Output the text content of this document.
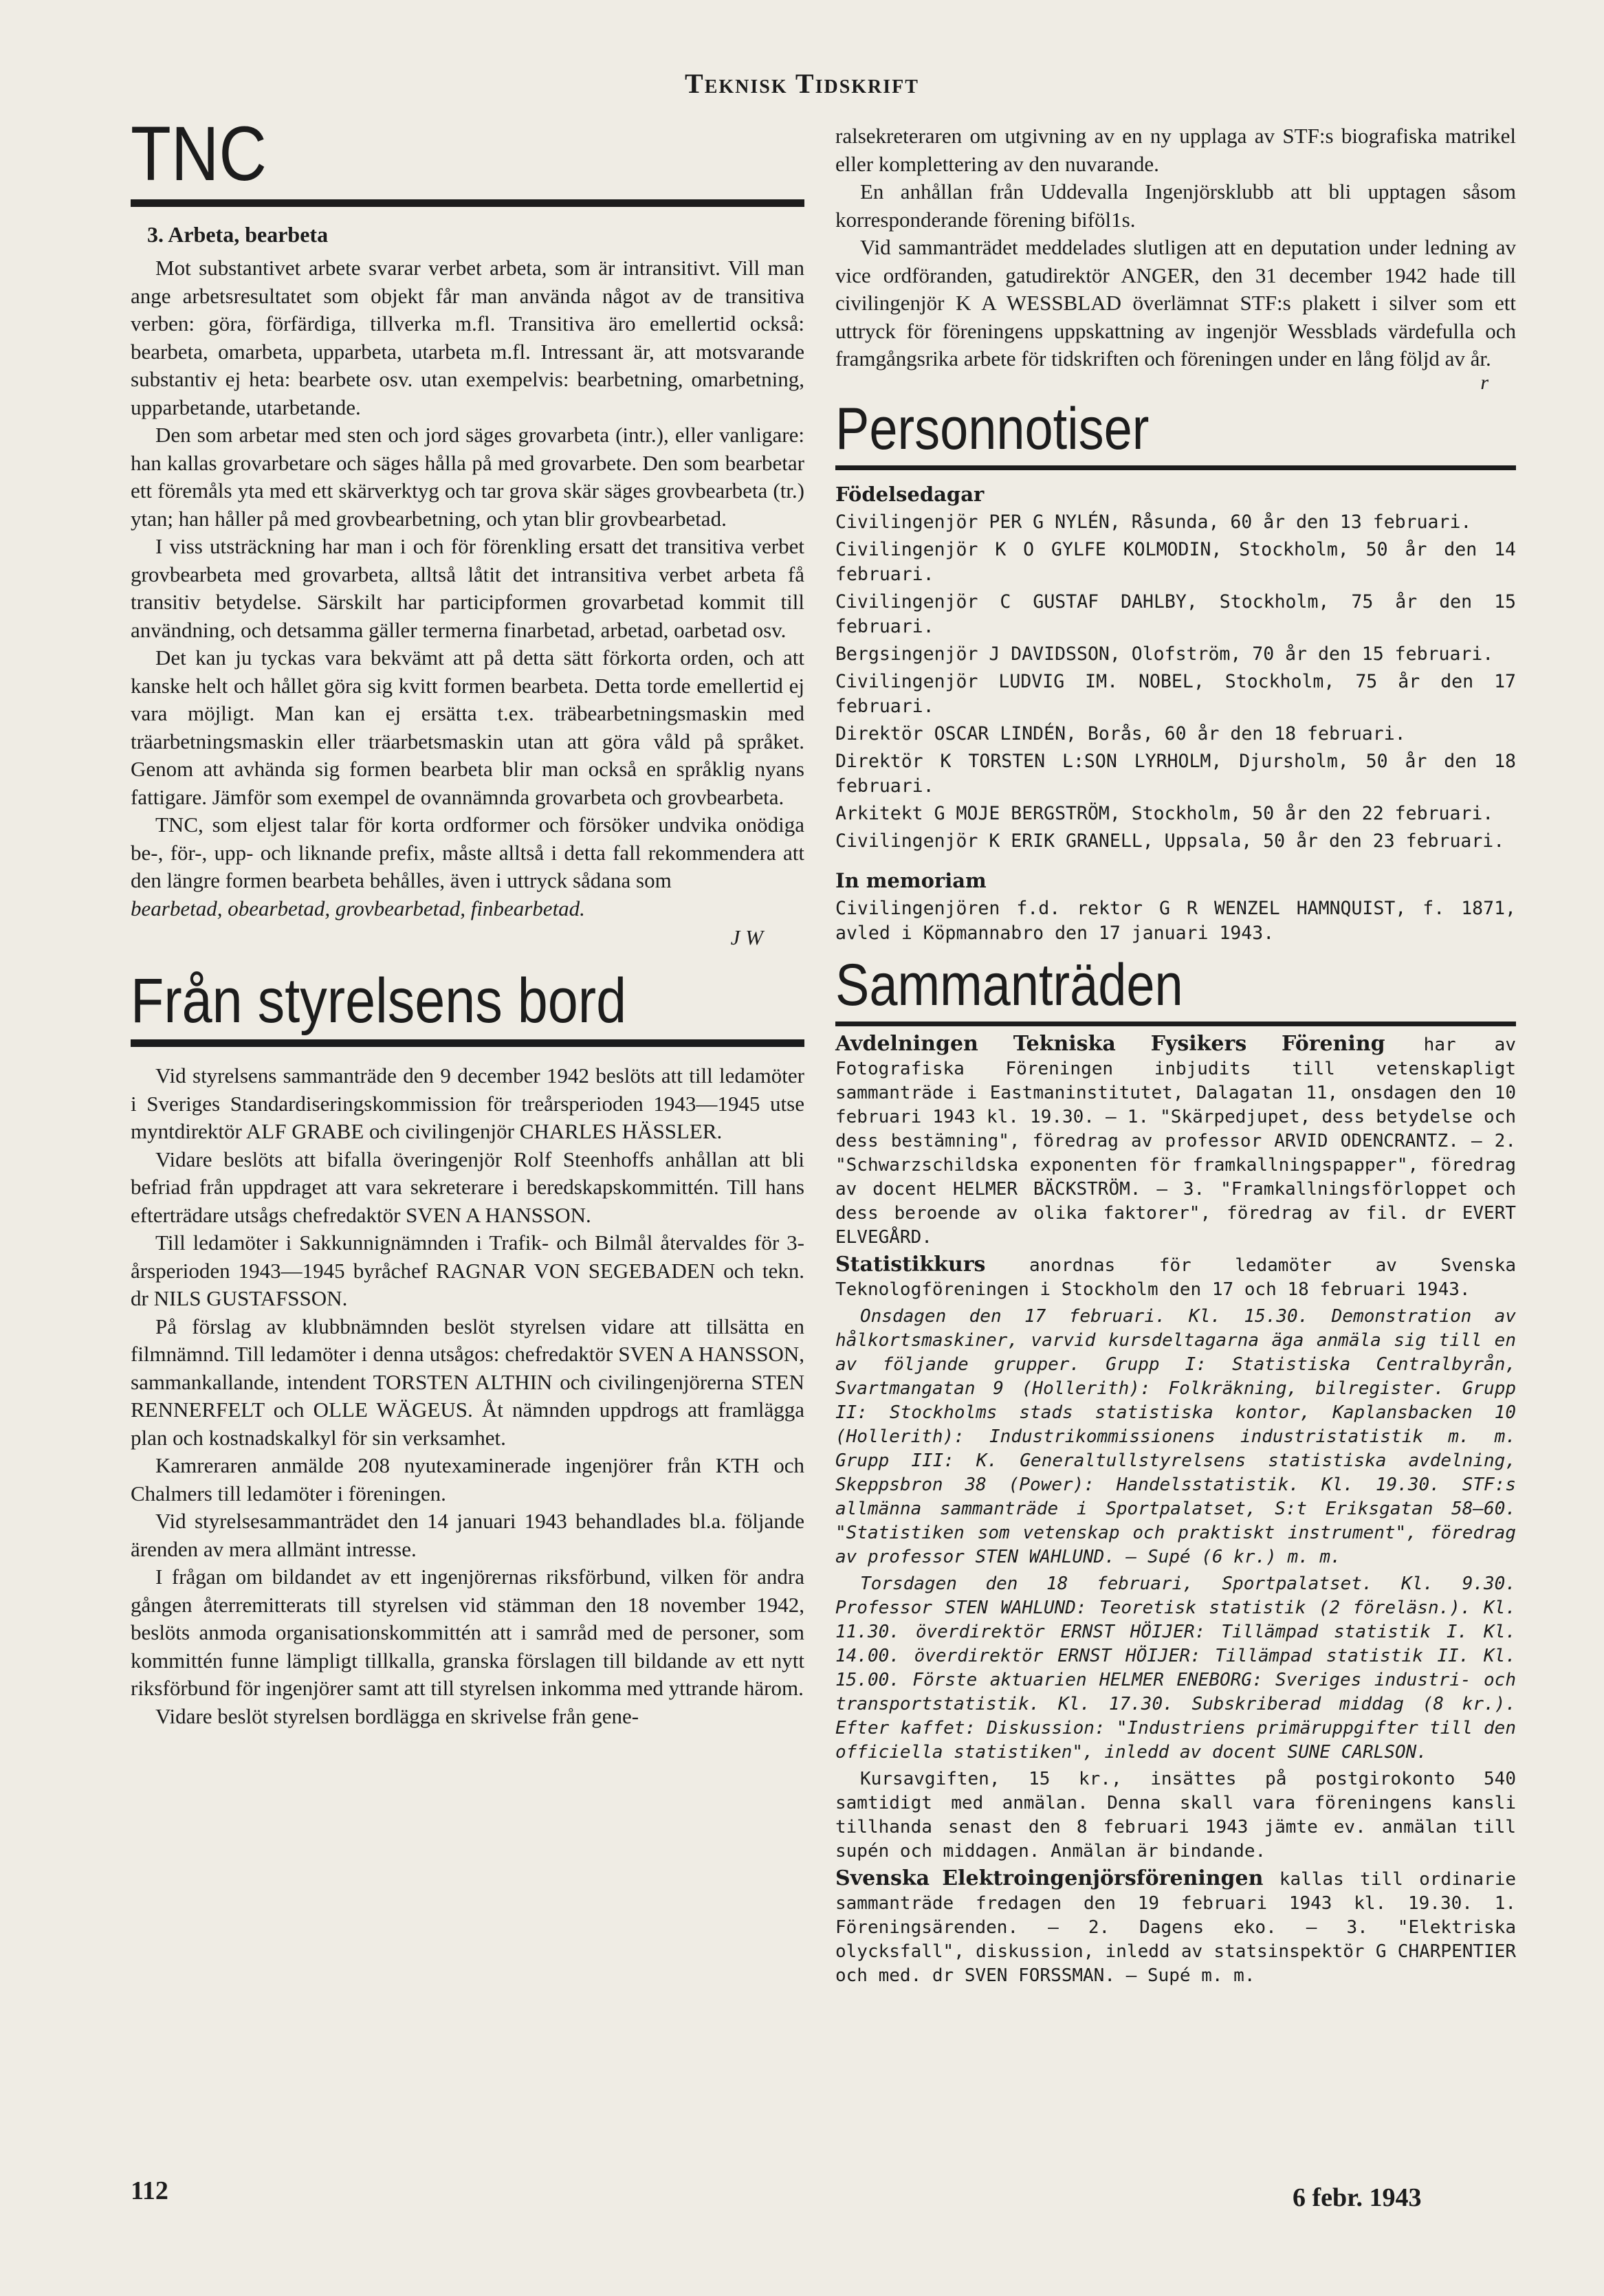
Teknisk Tidskrift
TNC
3. Arbeta, bearbeta

Mot substantivet arbete svarar verbet arbeta, som är intransitivt. Vill man ange arbetsresultatet som objekt får man använda något av de transitiva verben: göra, förfärdiga, tillverka m.fl. Transitiva äro emellertid också: bearbeta, omarbeta, upparbeta, utarbeta m.fl. Intressant är, att motsvarande substantiv ej heta: bearbete osv. utan exempelvis: bearbetning, omarbetning, upparbetande, utarbetande.

Den som arbetar med sten och jord säges grovarbeta (intr.), eller vanligare: han kallas grovarbetare och säges hålla på med grovarbete. Den som bearbetar ett föremåls yta med ett skärverktyg och tar grova skär säges grovbearbeta (tr.) ytan; han håller på med grovbearbetning, och ytan blir grovbearbetad.

I viss utsträckning har man i och för förenkling ersatt det transitiva verbet grovbearbeta med grovarbeta, alltså låtit det intransitiva verbet arbeta få transitiv betydelse. Särskilt har participformen grovarbetad kommit till användning, och detsamma gäller termerna finarbetad, arbetad, oarbetad osv.

Det kan ju tyckas vara bekvämt att på detta sätt förkorta orden, och att kanske helt och hållet göra sig kvitt formen bearbeta. Detta torde emellertid ej vara möjligt. Man kan ej ersätta t.ex. träbearbetningsmaskin med träarbetningsmaskin eller träarbetsmaskin utan att göra våld på språket. Genom att avhända sig formen bearbeta blir man också en språklig nyans fattigare. Jämför som exempel de ovannämnda grovarbeta och grovbearbeta.

TNC, som eljest talar för korta ordformer och försöker undvika onödiga be-, för-, upp- och liknande prefix, måste alltså i detta fall rekommendera att den längre formen bearbeta behålles, även i uttryck sådana som

bearbetad, obearbetad, grovbearbetad, finbearbetad.

J W
Från styrelsens bord

Vid styrelsens sammanträde den 9 december 1942 beslöts att till ledamöter i Sveriges Standardiseringskommission för treårsperioden 1943—1945 utse myntdirektör ALF GRABE och civilingenjör CHARLES HÄSSLER.

Vidare beslöts att bifalla överingenjör Rolf Steenhoffs anhållan att bli befriad från uppdraget att vara sekreterare i beredskapskommittén. Till hans efterträdare utsågs chefredaktör SVEN A HANSSON.

Till ledamöter i Sakkunnignämnden i Trafik- och Bilmål återvaldes för 3-årsperioden 1943—1945 byråchef RAGNAR VON SEGEBADEN och tekn. dr NILS GUSTAFSSON.

På förslag av klubbnämnden beslöt styrelsen vidare att tillsätta en filmnämnd. Till ledamöter i denna utsågos: chefredaktör SVEN A HANSSON, sammankallande, intendent TORSTEN ALTHIN och civilingenjörerna STEN RENNERFELT och OLLE WÄGEUS. Åt nämnden uppdrogs att framlägga plan och kostnadskalkyl för sin verksamhet.

Kamreraren anmälde 208 nyutexaminerade ingenjörer från KTH och Chalmers till ledamöter i föreningen.

Vid styrelsesammanträdet den 14 januari 1943 behandlades bl.a. följande ärenden av mera allmänt intresse.

I frågan om bildandet av ett ingenjörernas riksförbund, vilken för andra gången återremitterats till styrelsen vid stämman den 18 november 1942, beslöts anmoda organisationskommittén att i samråd med de personer, som kommittén funne lämpligt tillkalla, granska förslagen till bildande av ett nytt riksförbund för ingenjörer samt att till styrelsen inkomma med yttrande härom.

Vidare beslöt styrelsen bordlägga en skrivelse från gene-

ralsekreteraren om utgivning av en ny upplaga av STF:s biografiska matrikel eller komplettering av den nuvarande.

En anhållan från Uddevalla Ingenjörsklubb att bli upptagen såsom korresponderande förening biföl1s.

Vid sammanträdet meddelades slutligen att en deputation under ledning av vice ordföranden, gatudirektör ANGER, den 31 december 1942 hade till civilingenjör K A WESSBLAD överlämnat STF:s plakett i silver som ett uttryck för föreningens uppskattning av ingenjör Wessblads värdefulla och framgångsrika arbete för tidskriften och föreningen under en lång följd av år.

r
Personnotiser
Födelsedagar

Civilingenjör PER G NYLÉN, Råsunda, 60 år den 13 februari.

Civilingenjör K O GYLFE KOLMODIN, Stockholm, 50 år den 14 februari.

Civilingenjör C GUSTAF DAHLBY, Stockholm, 75 år den 15 februari.

Bergsingenjör J DAVIDSSON, Olofström, 70 år den 15 februari.

Civilingenjör LUDVIG IM. NOBEL, Stockholm, 75 år den 17 februari.

Direktör OSCAR LINDÉN, Borås, 60 år den 18 februari.

Direktör K TORSTEN L:SON LYRHOLM, Djursholm, 50 år den 18 februari.

Arkitekt G MOJE BERGSTRÖM, Stockholm, 50 år den 22 februari.

Civilingenjör K ERIK GRANELL, Uppsala, 50 år den 23 februari.

In memoriam

Civilingenjören f.d. rektor G R WENZEL HAMNQUIST, f. 1871, avled i Köpmannabro den 17 januari 1943.

Sammanträden

Avdelningen Tekniska Fysikers Förening har av Fotografiska Föreningen inbjudits till vetenskapligt sammanträde i Eastmaninstitutet, Dalagatan 11, onsdagen den 10 februari 1943 kl. 19.30. — 1. "Skärpedjupet, dess betydelse och dess bestämning", föredrag av professor ARVID ODENCRANTZ. — 2. "Schwarzschildska exponenten för framkallningspapper", föredrag av docent HELMER BÄCKSTRÖM. — 3. "Framkallningsförloppet och dess beroende av olika faktorer", föredrag av fil. dr EVERT ELVEGÅRD.

Statistikkurs anordnas för ledamöter av Svenska Teknologföreningen i Stockholm den 17 och 18 februari 1943.

Onsdagen den 17 februari. Kl. 15.30. Demonstration av hålkortsmaskiner, varvid kursdeltagarna äga anmäla sig till en av följande grupper. Grupp I: Statistiska Centralbyrån, Svartmangatan 9 (Hollerith): Folkräkning, bilregister. Grupp II: Stockholms stads statistiska kontor, Kaplansbacken 10 (Hollerith): Industrikommissionens industristatistik m. m. Grupp III: K. Generaltullstyrelsens statistiska avdelning, Skeppsbron 38 (Power): Handelsstatistik. Kl. 19.30. STF:s allmänna sammanträde i Sportpalatset, S:t Eriksgatan 58—60. "Statistiken som vetenskap och praktiskt instrument", föredrag av professor STEN WAHLUND. — Supé (6 kr.) m. m.

Torsdagen den 18 februari, Sportpalatset. Kl. 9.30. Professor STEN WAHLUND: Teoretisk statistik (2 föreläsn.). Kl. 11.30. överdirektör ERNST HÖIJER: Tillämpad statistik I. Kl. 14.00. överdirektör ERNST HÖIJER: Tillämpad statistik II. Kl. 15.00. Förste aktuarien HELMER ENEBORG: Sveriges industri- och transportstatistik. Kl. 17.30. Subskriberad middag (8 kr.). Efter kaffet: Diskussion: "Industriens primäruppgifter till den officiella statistiken", inledd av docent SUNE CARLSON.

Kursavgiften, 15 kr., insättes på postgirokonto 540 samtidigt med anmälan. Denna skall vara föreningens kansli tillhanda senast den 8 februari 1943 jämte ev. anmälan till supén och middagen. Anmälan är bindande.

Svenska Elektroingenjörsföreningen kallas till ordinarie sammanträde fredagen den 19 februari 1943 kl. 19.30. 1. Föreningsärenden. — 2. Dagens eko. — 3. "Elektriska olycksfall", diskussion, inledd av statsinspektör G CHARPENTIER och med. dr SVEN FORSSMAN. — Supé m. m.

112	6 febr. 1943
